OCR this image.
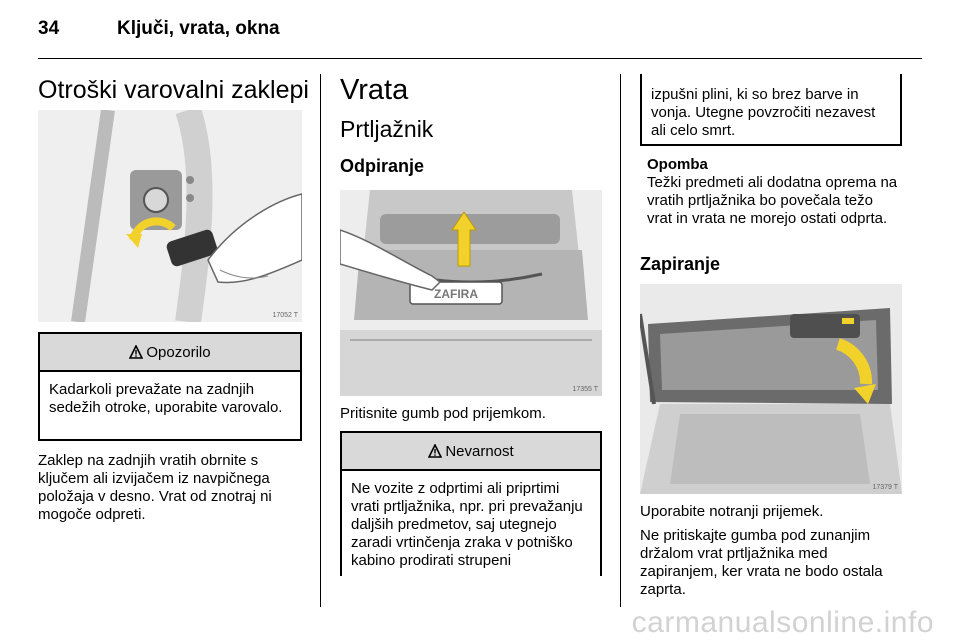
34	Ključi, vrata, okna
Otroški varovalni zaklepi
17052 T
Opozorilo
Kadarkoli prevažate na zadnjih sedežih otroke, uporabite varovalo.
Zaklep na zadnjih vratih obrnite s ključem ali izvijačem iz navpičnega položaja v desno. Vrat od znotraj ni mogoče odpreti.
Vrata
Prtljažnik
Odpiranje
ZAFIRA
17355 T
Pritisnite gumb pod prijemkom.
Nevarnost
Ne vozite z odprtimi ali priprtimi vrati prtljažnika, npr. pri prevažanju daljših predmetov, saj utegnejo zaradi vrtinčenja zraka v potniško kabino prodirati strupeni
izpušni plini, ki so brez barve in vonja. Utegne povzročiti nezavest ali celo smrt.
Opomba
Težki predmeti ali dodatna oprema na vratih prtljažnika bo povečala težo vrat in vrata ne morejo ostati odprta.
Zapiranje
17379 T
Uporabite notranji prijemek.
Ne pritiskajte gumba pod zunanjim držalom vrat prtljažnika med zapiranjem, ker vrata ne bodo ostala zaprta.
carmanualsonline.info
